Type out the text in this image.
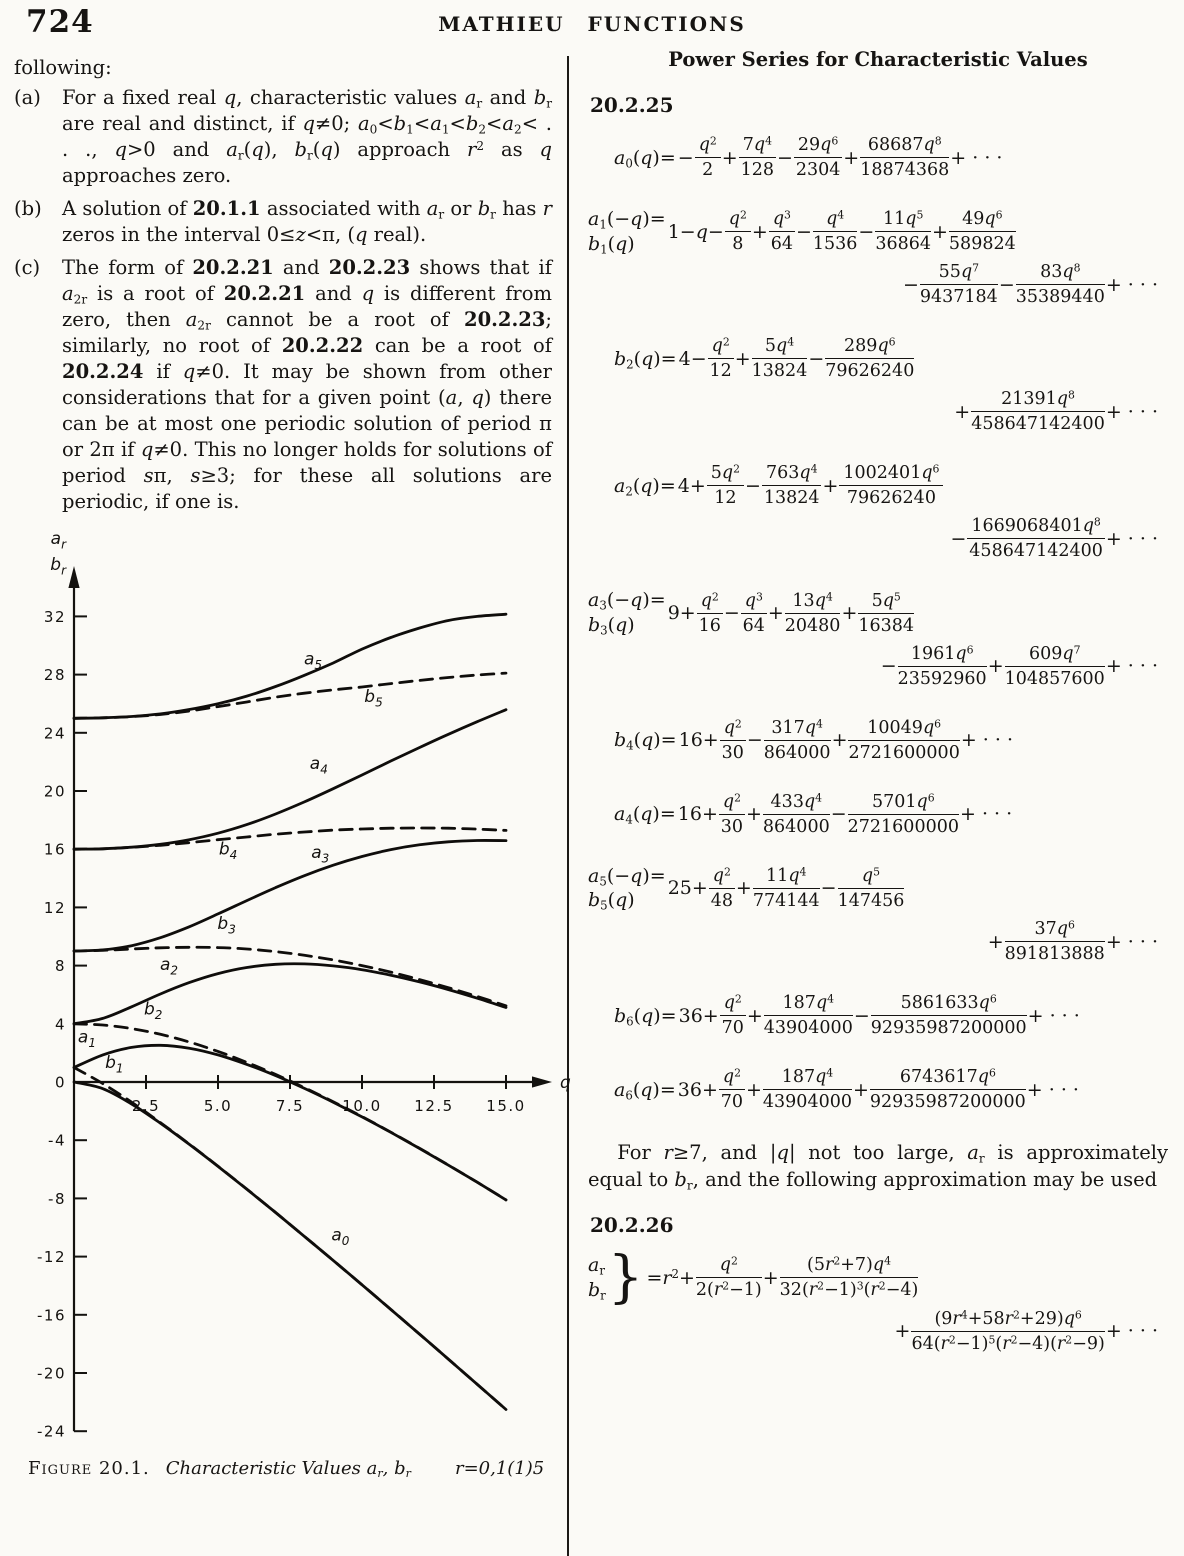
724	MATHIEU FUNCTIONS

following:

(a)	For a fixed real q, characteristic values $a_r$ and $b_r$ are real and distinct, if q≠0; $a_0<b_1<a_1<b_2<a_2<$ . . ., q>0 and $a_r(q)$, $b_r(q)$ approach $r^2$ as q approaches zero.
(b)	A solution of 20.1.1 associated with $a_r$ or $b_r$ has r zeros in the interval 0≤z<π, (q real).
(c)	The form of 20.2.21 and 20.2.23 shows that if $a_{2r}$ is a root of 20.2.21 and q is different from zero, then $a_{2r}$ cannot be a root of 20.2.23; similarly, no root of 20.2.22 can be a root of 20.2.24 if q≠0. It may be shown from other considerations that for a given point (a, q) there can be at most one periodic solution of period π or 2π if q≠0. This no longer holds for solutions of period sπ, s≥3; for these all solutions are periodic, if one is.
-24
-20
-16
-12
-8
-4
0
4
8
12
16
20
24
28
32
2.5	5.0	7.5	10.0 12.5 15.0
$a_r$
$b_r$
q
$a_0$
$a_1$
$a_2$
$a_3$
$a_4$
$a_5$
$b_1$
$b_2$
$b_3$
$b_4$
$b_5$
Figure 20.1. Characteristic Values $a_r$, $b_r$ r=0,1(1)5
Power Series for Characteristic Values
20.2.25
$a_0(q)= - \frac{q^2}{2} + \frac{7q^4}{128} - \frac{29q^6}{2304} + \frac{68687q^8}{18874368}$ + · · ·
$a_1(-q)=$
$b_1(q)$
$1-q- \frac{q^2}{8} + \frac{q^3}{64} - \frac{q^4}{1536} - \frac{11q^5}{36864} + \frac{49q^6}{589824}$
− $\frac{55q^7}{9437184} - \frac{83q^8}{35389440}$ + · · ·
$b_2(q)= 4- \frac{q^2}{12} + \frac{5q^4}{13824} - \frac{289q^6}{79626240}$
+ $\frac{21391q^8}{458647142400}$ + · · ·
$a_2(q)= 4+ \frac{5q^2}{12} - \frac{763q^4}{13824} + \frac{1002401q^6}{79626240}$
− $\frac{1669068401q^8}{458647142400}$ + · · ·
$a_3(-q)=$
$b_3(q)$
$9+ \frac{q^2}{16} - \frac{q^3}{64} + \frac{13q^4}{20480} + \frac{5q^5}{16384}$
− $\frac{1961q^6}{23592960} + \frac{609q^7}{104857600}$ + · · ·
$b_4(q)= 16+ \frac{q^2}{30} - \frac{317q^4}{864000} + \frac{10049q^6}{2721600000}$ + · · ·
$a_4(q)= 16+ \frac{q^2}{30} + \frac{433q^4}{864000} - \frac{5701q^6}{2721600000}$ + · · ·
$a_5(-q)=$
$b_5(q)$
$25+ \frac{q^2}{48} + \frac{11q^4}{774144} - \frac{q^5}{147456}$
+ $\frac{37q^6}{891813888}$ + · · ·
$b_6(q)= 36+ \frac{q^2}{70} + \frac{187q^4}{43904000} - \frac{5861633q^6}{92935987200000}$ + · · ·
$a_6(q)= 36+ \frac{q^2}{70} + \frac{187q^4}{43904000} + \frac{6743617q^6}{92935987200000}$ + · · ·

For r≥7, and |q| not too large, $a_r$ is approximately equal to $b_r$, and the following approximation may be used

20.2.26
$a_r$
$b_r$ } $=r^2+ \frac{q^2}{2(r^2-1)} + \frac{(5r^2+7)q^4}{32(r^2-1)^3(r^2-4)}$
+ $\frac{(9r^4+58r^2+29)q^6}{64(r^2-1)^5(r^2-4)(r^2-9)}$ + · · ·
